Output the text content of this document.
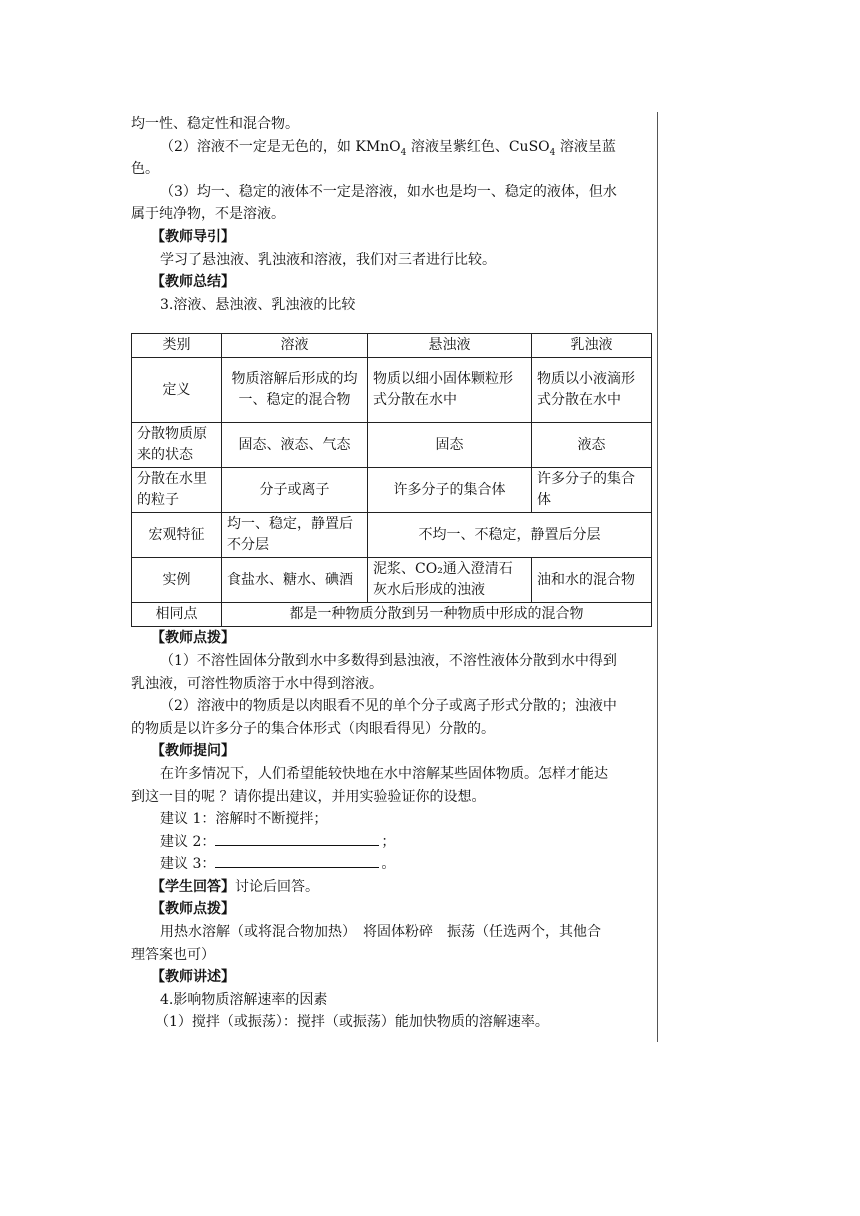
均一性、稳定性和混合物。
（2）溶液不一定是无色的，如 KMnO$_4$ 溶液呈紫红色、CuSO$_4$ 溶液呈蓝
色。
（3）均一、稳定的液体不一定是溶液，如水也是均一、稳定的液体，但水
属于纯净物，不是溶液。
【教师导引】
学习了悬浊液、乳浊液和溶液，我们对三者进行比较。
【教师总结】
3.溶液、悬浊液、乳浊液的比较
类别	溶液	悬浊液	乳浊液
定义	物质溶解后形成的均一、稳定的混合物	物质以细小固体颗粒形式分散在水中	物质以小液滴形式分散在水中
分散物质原来的状态	固态、液态、气态	固态	液态
分散在水里的粒子	分子或离子	许多分子的集合体	许多分子的集合体
宏观特征	均一、稳定，静置后不分层	不均一、不稳定，静置后分层	
实例	食盐水、糖水、碘酒	泥浆、CO₂通入澄清石灰水后形成的浊液	油和水的混合物
相同点	都是一种物质分散到另一种物质中形成的混合物		
【教师点拨】
（1）不溶性固体分散到水中多数得到悬浊液，不溶性液体分散到水中得到
乳浊液，可溶性物质溶于水中得到溶液。
（2）溶液中的物质是以肉眼看不见的单个分子或离子形式分散的；浊液中
的物质是以许多分子的集合体形式（肉眼看得见）分散的。
【教师提问】
在许多情况下，人们希望能较快地在水中溶解某些固体物质。怎样才能达
到这一目的呢 ？请你提出建议，并用实验验证你的设想。
建议 1：溶解时不断搅拌；
建议 2：	；
建议 3：	。
【学生回答】讨论后回答。
【教师点拨】
用热水溶解（或将混合物加热）　将固体粉碎　振荡（任选两个，其他合
理答案也可）
【教师讲述】
4.影响物质溶解速率的因素
（1）搅拌（或振荡）：搅拌（或振荡）能加快物质的溶解速率。
